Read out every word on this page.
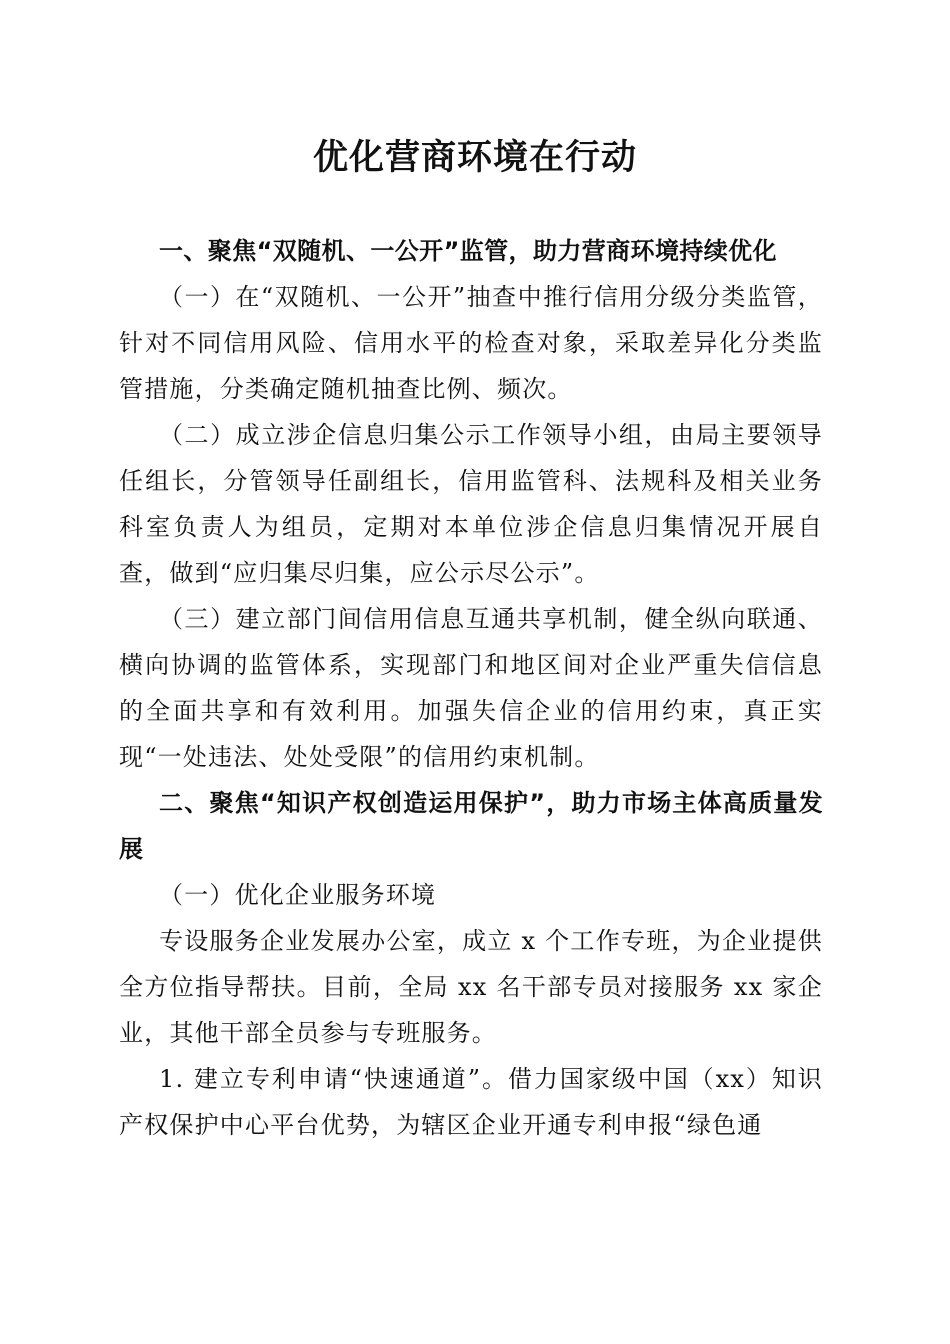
优化营商环境在行动

一、聚焦“双随机、一公开”监管，助力营商环境持续优化

（一）在“双随机、一公开”抽查中推行信用分级分类监管，针对不同信用风险、信用水平的检查对象，采取差异化分类监管措施，分类确定随机抽查比例、频次。

（二）成立涉企信息归集公示工作领导小组，由局主要领导任组长，分管领导任副组长，信用监管科、法规科及相关业务科室负责人为组员，定期对本单位涉企信息归集情况开展自查，做到“应归集尽归集，应公示尽公示”。

（三）建立部门间信用信息互通共享机制，健全纵向联通、横向协调的监管体系，实现部门和地区间对企业严重失信信息的全面共享和有效利用。加强失信企业的信用约束，真正实现“一处违法、处处受限”的信用约束机制。

二、聚焦“知识产权创造运用保护”，助力市场主体高质量发展

（一）优化企业服务环境

专设服务企业发展办公室，成立 x 个工作专班，为企业提供全方位指导帮扶。目前，全局 xx 名干部专员对接服务 xx 家企业，其他干部全员参与专班服务。

1. 建立专利申请“快速通道”。借力国家级中国（xx）知识产权保护中心平台优势，为辖区企业开通专利申报“绿色通
